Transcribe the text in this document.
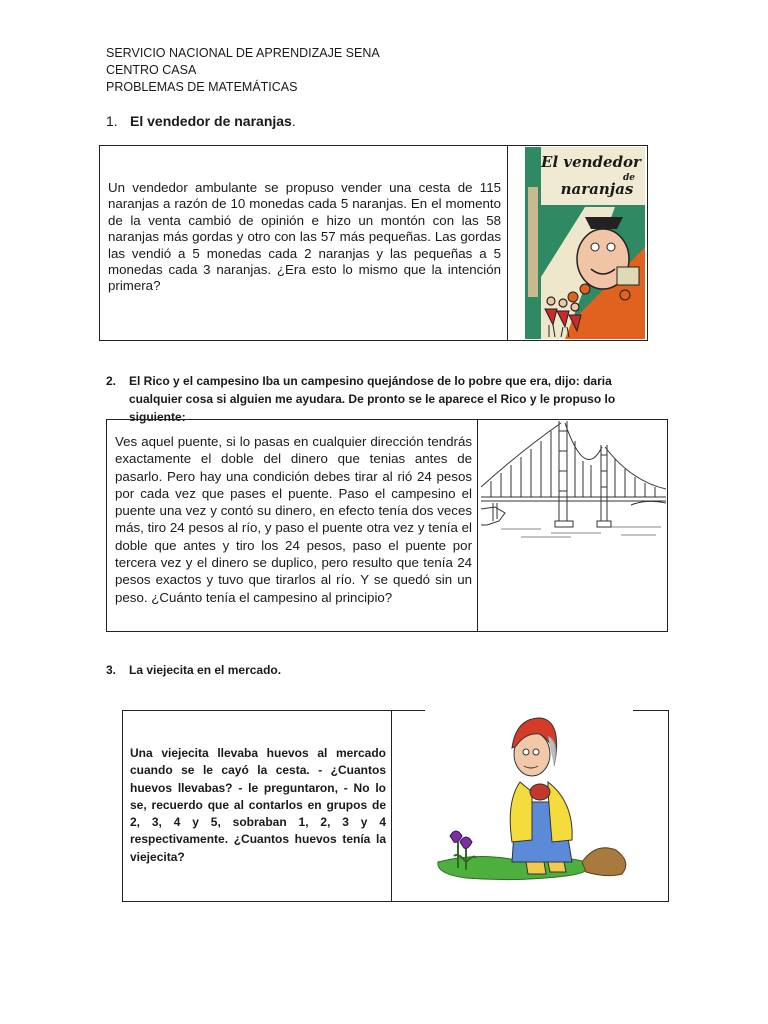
SERVICIO NACIONAL DE APRENDIZAJE SENA
CENTRO CASA
PROBLEMAS DE MATEMÁTICAS
1. El vendedor de naranjas.
Un vendedor ambulante se propuso vender una cesta de 115 naranjas a razón de 10 monedas cada 5 naranjas. En el momento de la venta cambió de opinión e hizo un montón con las 58 naranjas más gordas y otro con las 57 más pequeñas. Las gordas las vendió a 5 monedas cada 2 naranjas y las pequeñas a 5 monedas cada 3 naranjas. ¿Era esto lo mismo que la intención primera?
El vendedor
de
naranjas
2.	El Rico y el campesino Iba un campesino quejándose de lo pobre que era, dijo: daria cualquier cosa si alguien me ayudara. De pronto se le aparece el Rico y le propuso lo siguiente:
Ves aquel puente, si lo pasas en cualquier dirección tendrás exactamente el doble del dinero que tenias antes de pasarlo. Pero hay una condición debes tirar al rió 24 pesos por cada vez que pases el puente. Paso el campesino el puente una vez y contó su dinero, en efecto tenía dos veces más, tiro 24 pesos al río, y paso el puente otra vez y tenía el doble que antes y tiro los 24 pesos, paso el puente por tercera vez y el dinero se duplico, pero resulto que tenía 24 pesos exactos y tuvo que tirarlos al río. Y se quedó sin un peso. ¿Cuánto tenía el campesino al principio?
3. La viejecita en el mercado.
Una viejecita llevaba huevos al mercado cuando se le cayó la cesta. - ¿Cuantos huevos llevabas? - le preguntaron, - No lo se, recuerdo que al contarlos en grupos de 2, 3, 4 y 5, sobraban 1, 2, 3 y 4 respectivamente. ¿Cuantos huevos tenía la viejecita?
